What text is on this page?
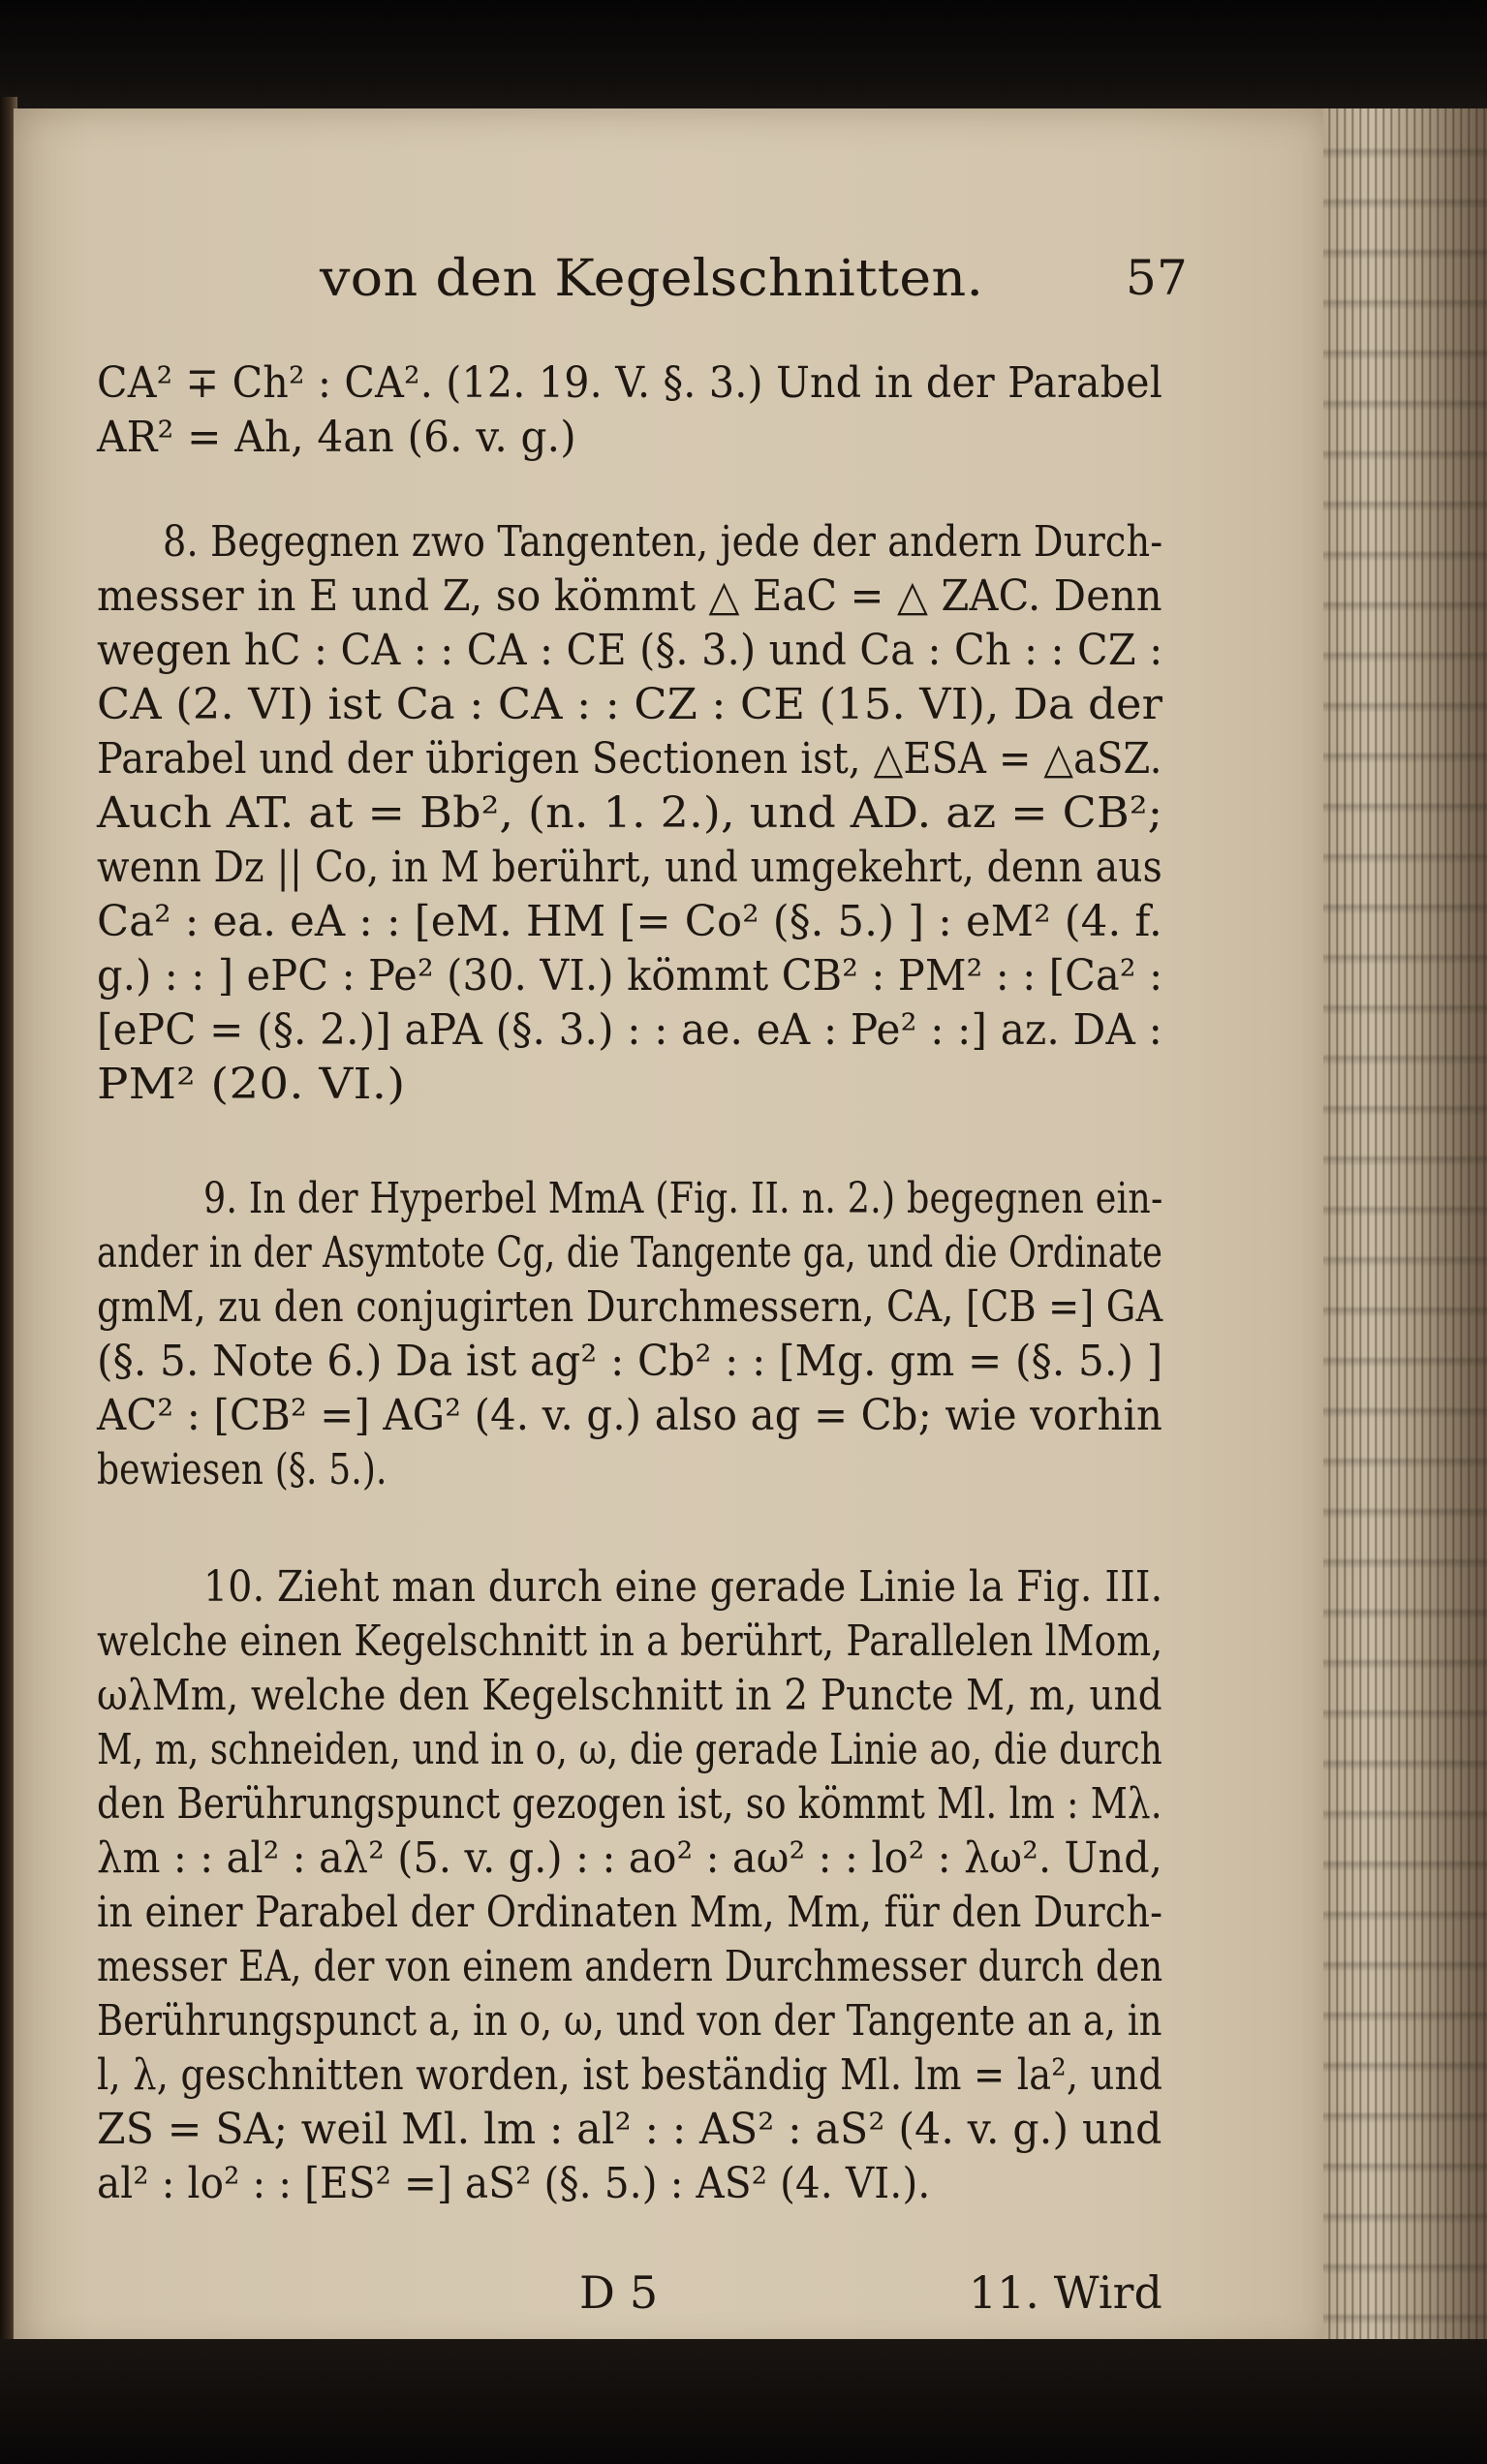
von den Kegelschnitten.	57
CA² ∓ Ch² : CA². (12. 19. V. §. 3.) Und in der Parabel
AR² = Ah, 4an (6. v. g.)
8. Begegnen zwo Tangenten, jede der andern Durch-
messer in E und Z, so kömmt △ EaC = △ ZAC. Denn
wegen hC : CA : : CA : CE (§. 3.) und Ca : Ch : : CZ :
CA (2. VI) ist Ca : CA : : CZ : CE (15. VI), Da der
Parabel und der übrigen Sectionen ist, △ESA = △aSZ.
Auch AT. at = Bb², (n. 1. 2.), und AD. az = CB²;
wenn Dz || Co, in M berührt, und umgekehrt, denn aus
Ca² : ea. eA : : [eM. HM [= Co² (§. 5.) ] : eM² (4. f.
g.) : : ] ePC : Pe² (30. VI.) kömmt CB² : PM² : : [Ca² :
[ePC = (§. 2.)] aPA (§. 3.) : : ae. eA : Pe² : :] az. DA :
PM² (20. VI.)
9. In der Hyperbel MmA (Fig. II. n. 2.) begegnen ein-
ander in der Asymtote Cg, die Tangente ga, und die Ordinate
gmM, zu den conjugirten Durchmessern, CA, [CB =] GA
(§. 5. Note 6.) Da ist ag² : Cb² : : [Mg. gm = (§. 5.) ]
AC² : [CB² =] AG² (4. v. g.) also ag = Cb; wie vorhin
bewiesen (§. 5.).
10. Zieht man durch eine gerade Linie la Fig. III.
welche einen Kegelschnitt in a berührt, Parallelen lMom,
ωλMm, welche den Kegelschnitt in 2 Puncte M, m, und
M, m, schneiden, und in o, ω, die gerade Linie ao, die durch
den Berührungspunct gezogen ist, so kömmt Ml. lm : Mλ.
λm : : al² : aλ² (5. v. g.) : : ao² : aω² : : lo² : λω². Und,
in einer Parabel der Ordinaten Mm, Mm, für den Durch-
messer EA, der von einem andern Durchmesser durch den
Berührungspunct a, in o, ω, und von der Tangente an a, in
l, λ, geschnitten worden, ist beständig Ml. lm = la², und
ZS = SA; weil Ml. lm : al² : : AS² : aS² (4. v. g.) und
al² : lo² : : [ES² =] aS² (§. 5.) : AS² (4. VI.).
D 5	11. Wird
